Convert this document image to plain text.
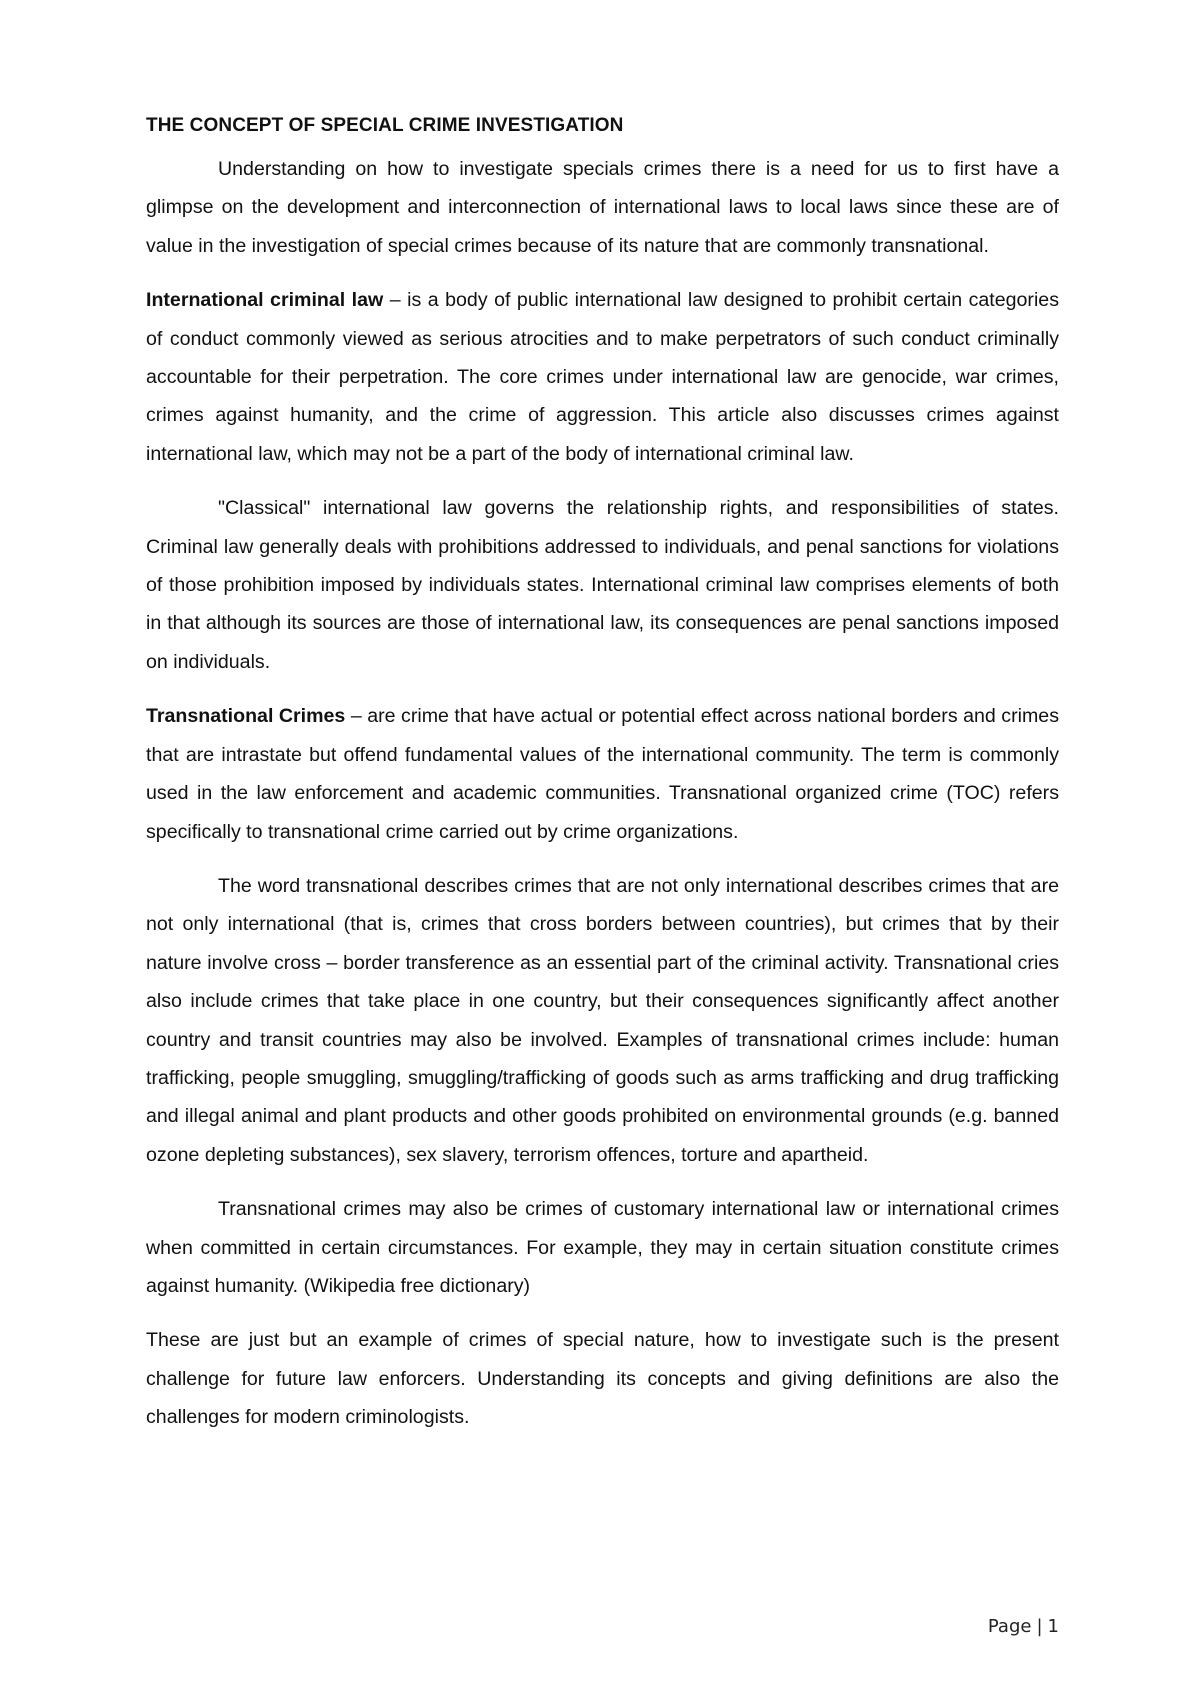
THE CONCEPT OF SPECIAL CRIME INVESTIGATION

Understanding on how to investigate specials crimes there is a need for us to first have a glimpse on the development and interconnection of international laws to local laws since these are of value in the investigation of special crimes because of its nature that are commonly transnational.

International criminal law – is a body of public international law designed to prohibit certain categories of conduct commonly viewed as serious atrocities and to make perpetrators of such conduct criminally accountable for their perpetration. The core crimes under international law are genocide, war crimes, crimes against humanity, and the crime of aggression. This article also discusses crimes against international law, which may not be a part of the body of international criminal law.

"Classical" international law governs the relationship rights, and responsibilities of states. Criminal law generally deals with prohibitions addressed to individuals, and penal sanctions for violations of those prohibition imposed by individuals states. International criminal law comprises elements of both in that although its sources are those of international law, its consequences are penal sanctions imposed on individuals.

Transnational Crimes – are crime that have actual or potential effect across national borders and crimes that are intrastate but offend fundamental values of the international community. The term is commonly used in the law enforcement and academic communities. Transnational organized crime (TOC) refers specifically to transnational crime carried out by crime organizations.

The word transnational describes crimes that are not only international describes crimes that are not only international (that is, crimes that cross borders between countries), but crimes that by their nature involve cross – border transference as an essential part of the criminal activity. Transnational cries also include crimes that take place in one country, but their consequences significantly affect another country and transit countries may also be involved. Examples of transnational crimes include: human trafficking, people smuggling, smuggling/trafficking of goods such as arms trafficking and drug trafficking and illegal animal and plant products and other goods prohibited on environmental grounds (e.g. banned ozone depleting substances), sex slavery, terrorism offences, torture and apartheid.

Transnational crimes may also be crimes of customary international law or international crimes when committed in certain circumstances. For example, they may in certain situation constitute crimes against humanity. (Wikipedia free dictionary)

These are just but an example of crimes of special nature, how to investigate such is the present challenge for future law enforcers. Understanding its concepts and giving definitions are also the challenges for modern criminologists.

Page | 1
